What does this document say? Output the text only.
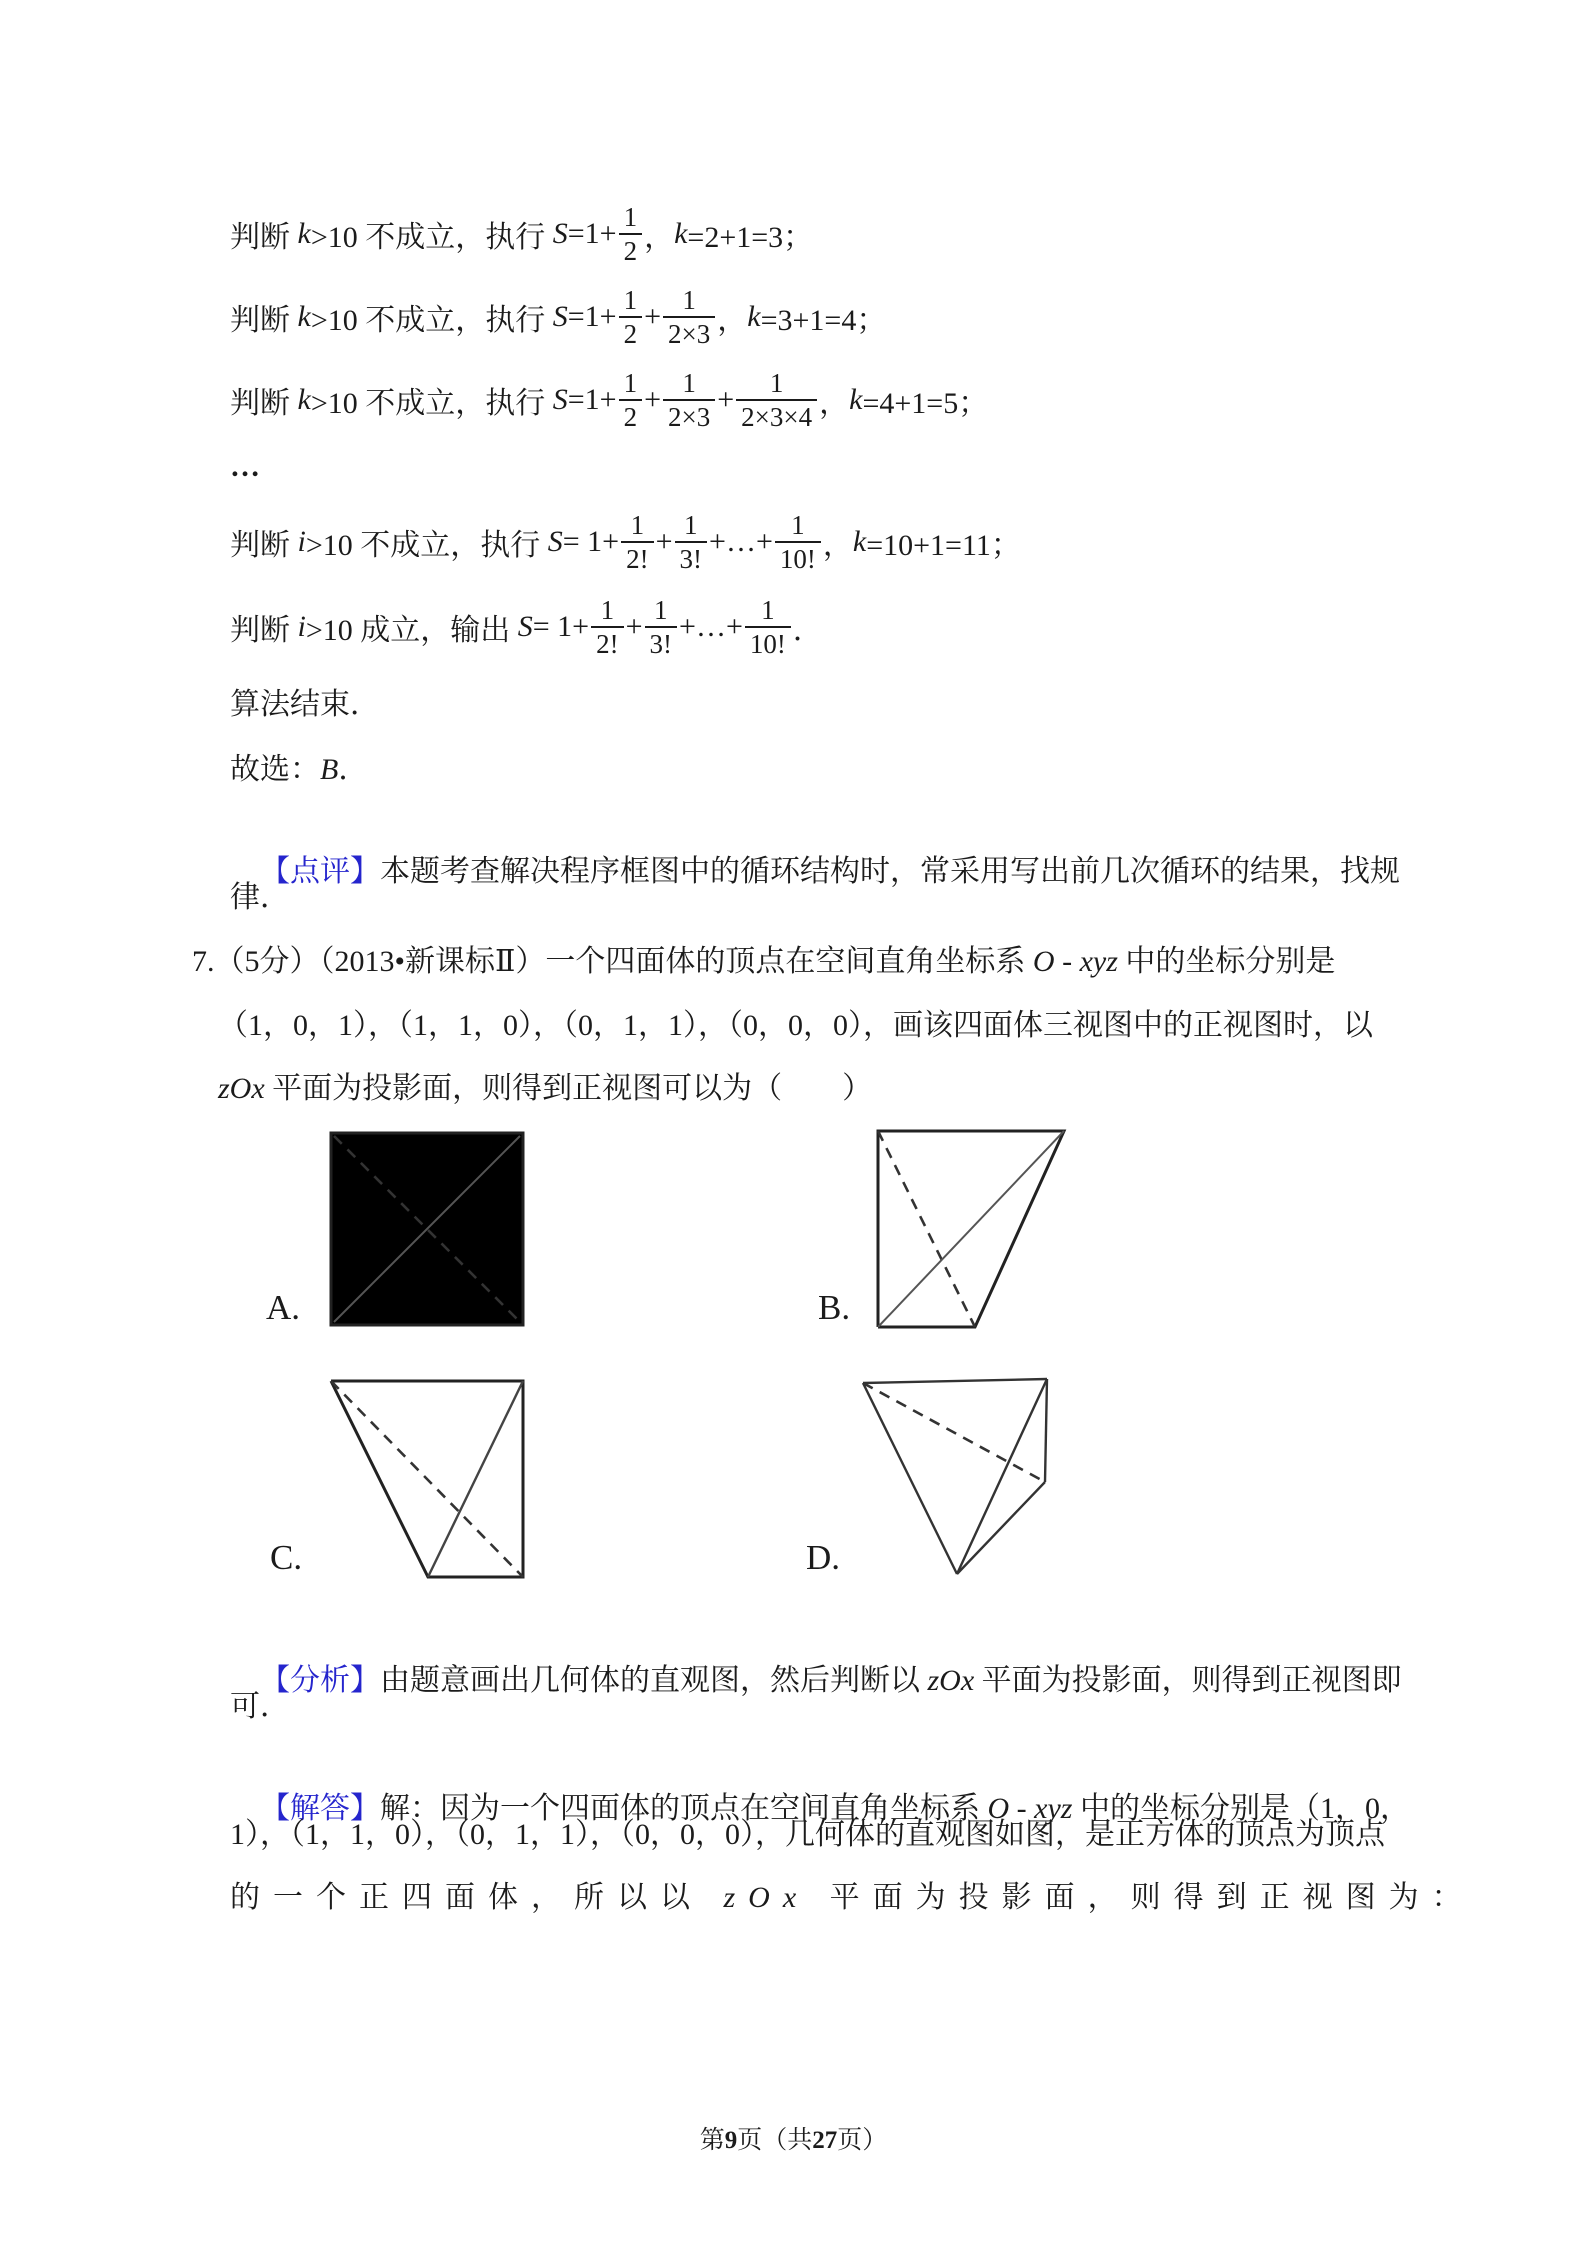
判断 k >10 不成立，执行 $S =1+ \frac{1}{2}$ ， k =2+1=3；
判断 k >10 不成立，执行 $S =1+ \frac{1}{2} + \frac{1}{2\times 3}$ ， k =3+1=4；
判断 k >10 不成立，执行 $S =1+ \frac{1}{2} + \frac{1}{2\times 3} + \frac{1}{2\times 3\times 4}$ ， k =4+1=5；
…
判断 i >10 不成立，执行 $S = 1+ \frac{1}{2!} + \frac{1}{3!}$ +…+ $\frac{1}{10!}$ ， k =10+1=11；
判断 i >10 成立，输出 $S = 1+ \frac{1}{2!} + \frac{1}{3!}$ +…+ $\frac{1}{10!}$ ．
算法结束．
故选：B．

【点评】本题考查解决程序框图中的循环结构时，常采用写出前几次循环的结果，找规

律．
7.（5分）（2013•新课标Ⅱ）一个四面体的顶点在空间直角坐标系 O - xyz 中的坐标分别是
（1，0，1），（1，1，0），（0，1，1），（0，0，0），画该四面体三视图中的正视图时，以
zOx 平面为投影面，则得到正视图可以为（　　）
A.	B.
C.	D.

【分析】由题意画出几何体的直观图，然后判断以 zOx 平面为投影面，则得到正视图即

可．

【解答】解：因为一个四面体的顶点在空间直角坐标系 O - xyz 中的坐标分别是（1，0，

1），（1，1，0），（0，1，1），（0，0，0），几何体的直观图如图，是正方体的顶点为顶点
的一个正四面体，所以以 zOx 平面为投影面，则得到正视图为：
第9页（共27页）
